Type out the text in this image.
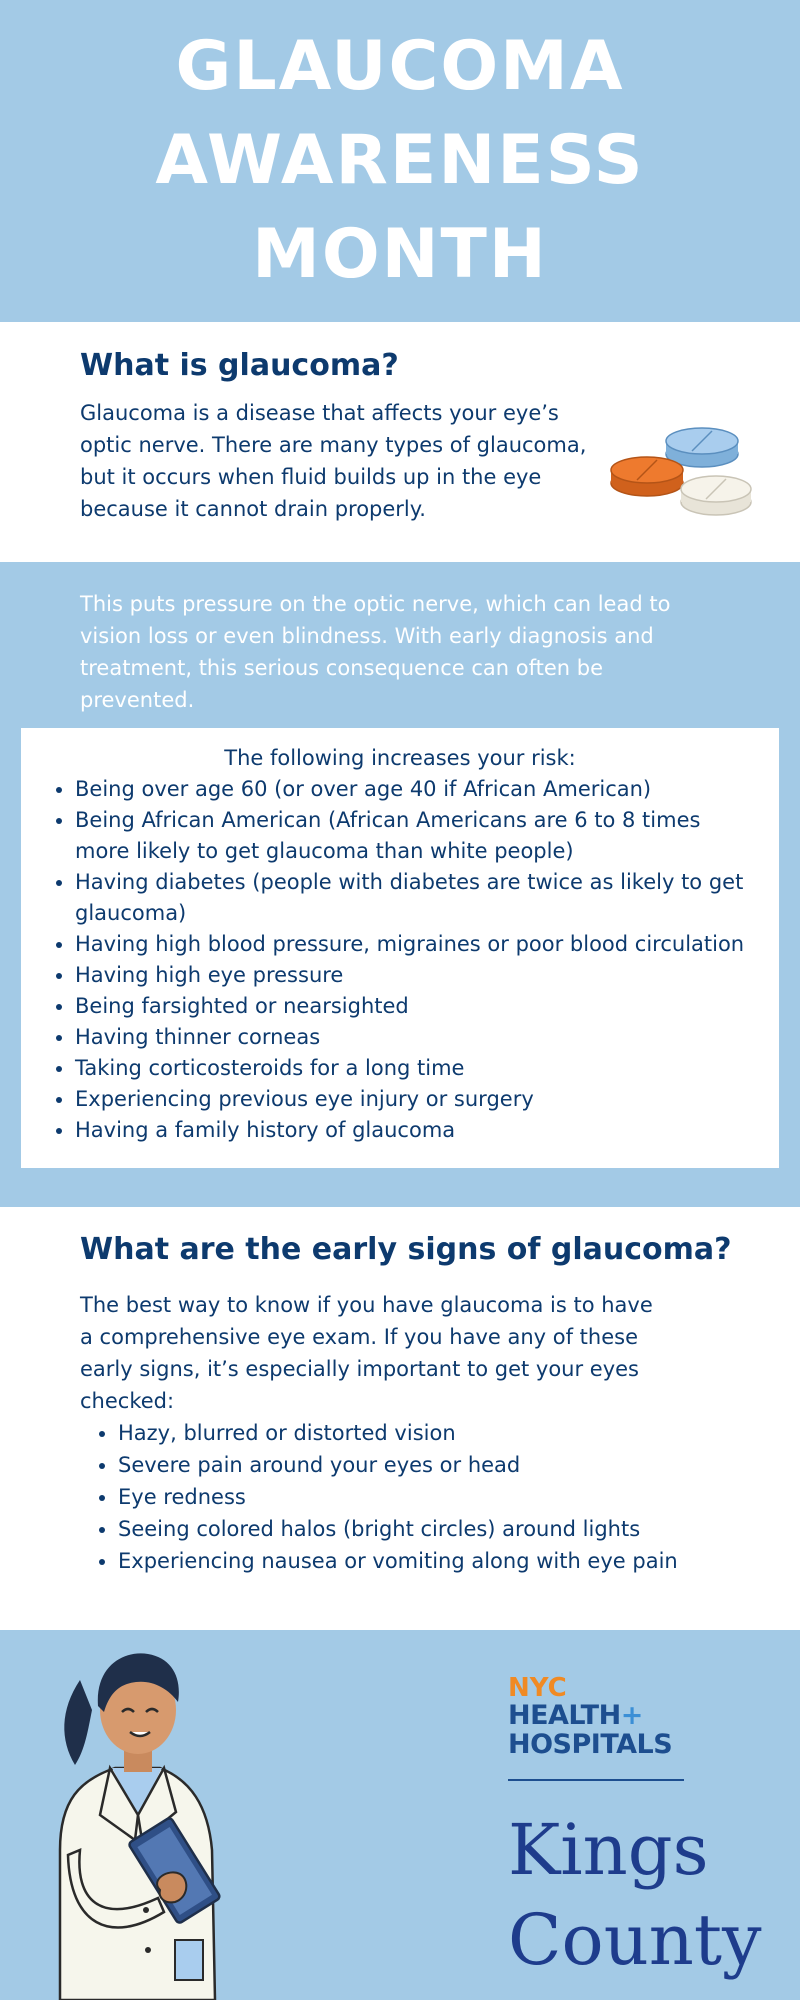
GLAUCOMA
AWARENESS
MONTH
What is glaucoma?

Glaucoma is a disease that affects your eye’s optic nerve. There are many types of glaucoma, but it occurs when fluid builds up in the eye because it cannot drain properly.

This puts pressure on the optic nerve, which can lead to vision loss or even blindness. With early diagnosis and treatment, this serious consequence can often be prevented.

The following increases your risk:
• Being over age 60 (or over age 40 if African American)
• Being African American (African Americans are 6 to 8 times more likely to get glaucoma than white people)
• Having diabetes (people with diabetes are twice as likely to get glaucoma)
• Having high blood pressure, migraines or poor blood circulation
• Having high eye pressure
• Being farsighted or nearsighted
• Having thinner corneas
• Taking corticosteroids for a long time
• Experiencing previous eye injury or surgery
• Having a family history of glaucoma
What are the early signs of glaucoma?

The best way to know if you have glaucoma is to have a comprehensive eye exam. If you have any of these early signs, it’s especially important to get your eyes checked:

• Hazy, blurred or distorted vision
• Severe pain around your eyes or head
• Eye redness
• Seeing colored halos (bright circles) around lights
• Experiencing nausea or vomiting along with eye pain
NYC
HEALTH+
HOSPITALS
Kings
County
